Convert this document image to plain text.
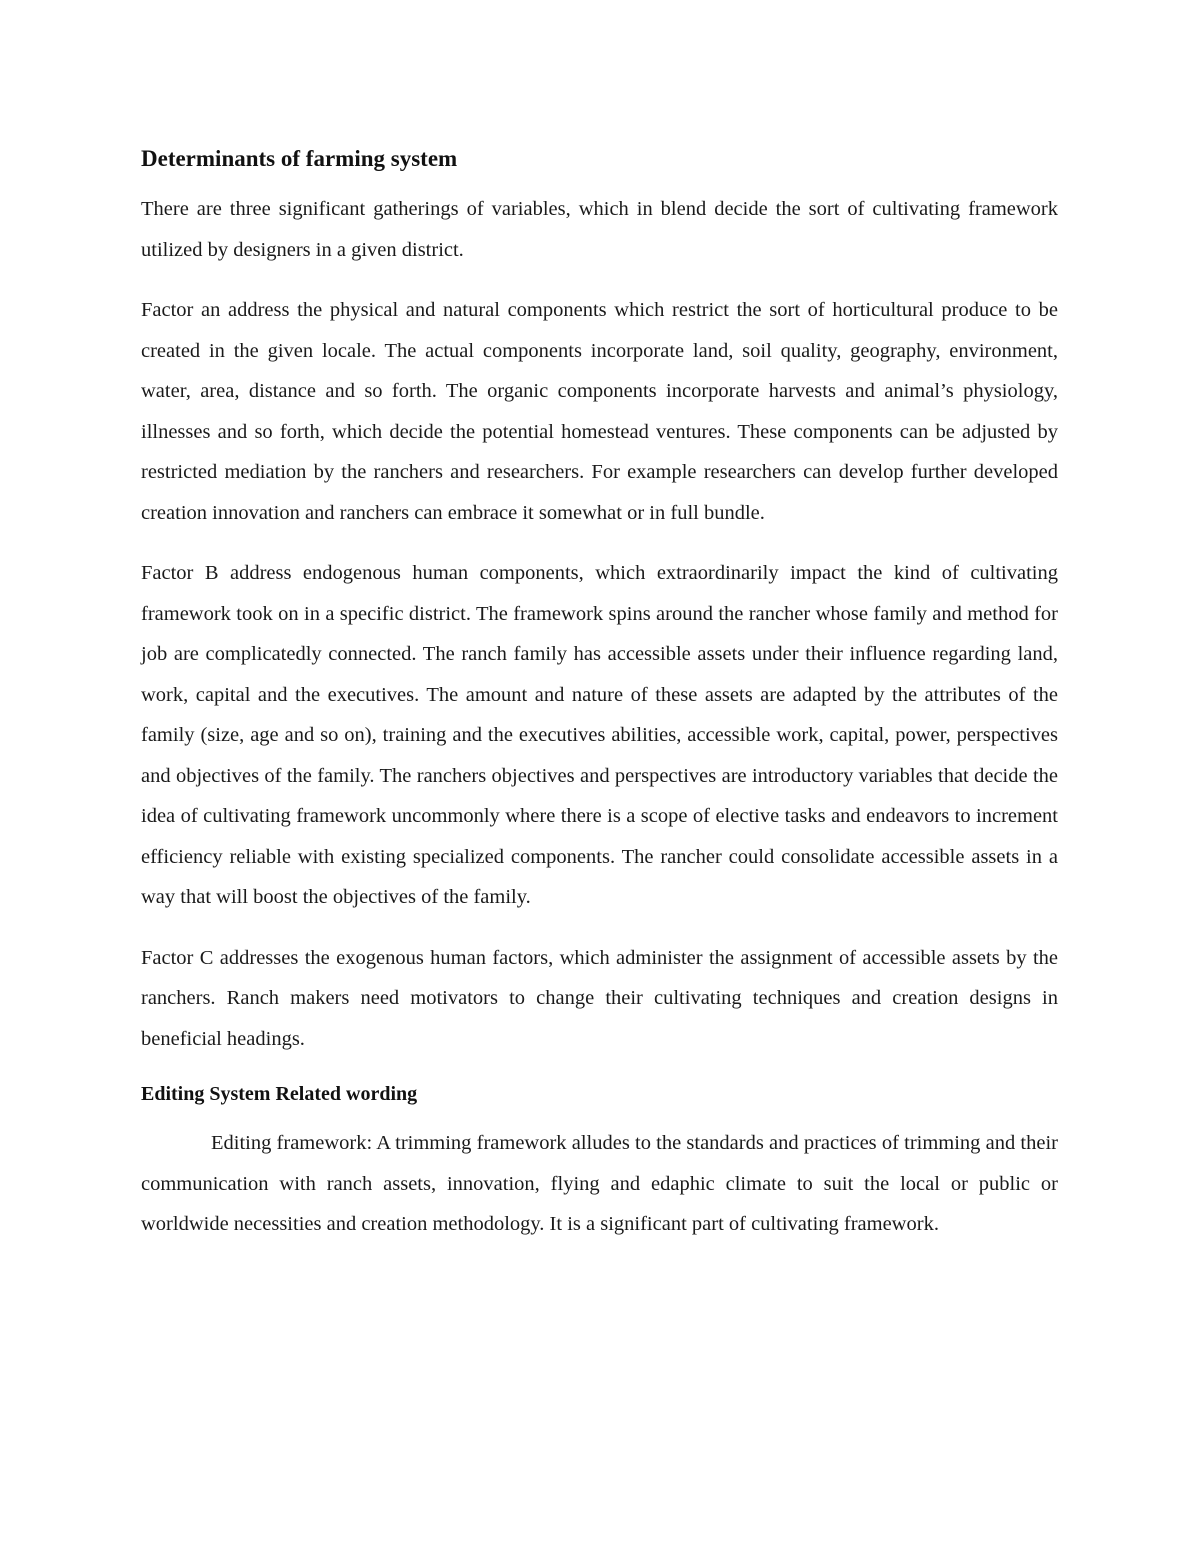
Determinants of farming system

There are three significant gatherings of variables, which in blend decide the sort of cultivating framework utilized by designers in a given district.

Factor an address the physical and natural components which restrict the sort of horticultural produce to be created in the given locale. The actual components incorporate land, soil quality, geography, environment, water, area, distance and so forth. The organic components incorporate harvests and animal’s physiology, illnesses and so forth, which decide the potential homestead ventures. These components can be adjusted by restricted mediation by the ranchers and researchers. For example researchers can develop further developed creation innovation and ranchers can embrace it somewhat or in full bundle.

Factor B address endogenous human components, which extraordinarily impact the kind of cultivating framework took on in a specific district. The framework spins around the rancher whose family and method for job are complicatedly connected. The ranch family has accessible assets under their influence regarding land, work, capital and the executives. The amount and nature of these assets are adapted by the attributes of the family (size, age and so on), training and the executives abilities, accessible work, capital, power, perspectives and objectives of the family. The ranchers objectives and perspectives are introductory variables that decide the idea of cultivating framework uncommonly where there is a scope of elective tasks and endeavors to increment efficiency reliable with existing specialized components. The rancher could consolidate accessible assets in a way that will boost the objectives of the family.

Factor C addresses the exogenous human factors, which administer the assignment of accessible assets by the ranchers. Ranch makers need motivators to change their cultivating techniques and creation designs in beneficial headings.

Editing System Related wording

Editing framework: A trimming framework alludes to the standards and practices of trimming and their communication with ranch assets, innovation, flying and edaphic climate to suit the local or public or worldwide necessities and creation methodology. It is a significant part of cultivating framework.
